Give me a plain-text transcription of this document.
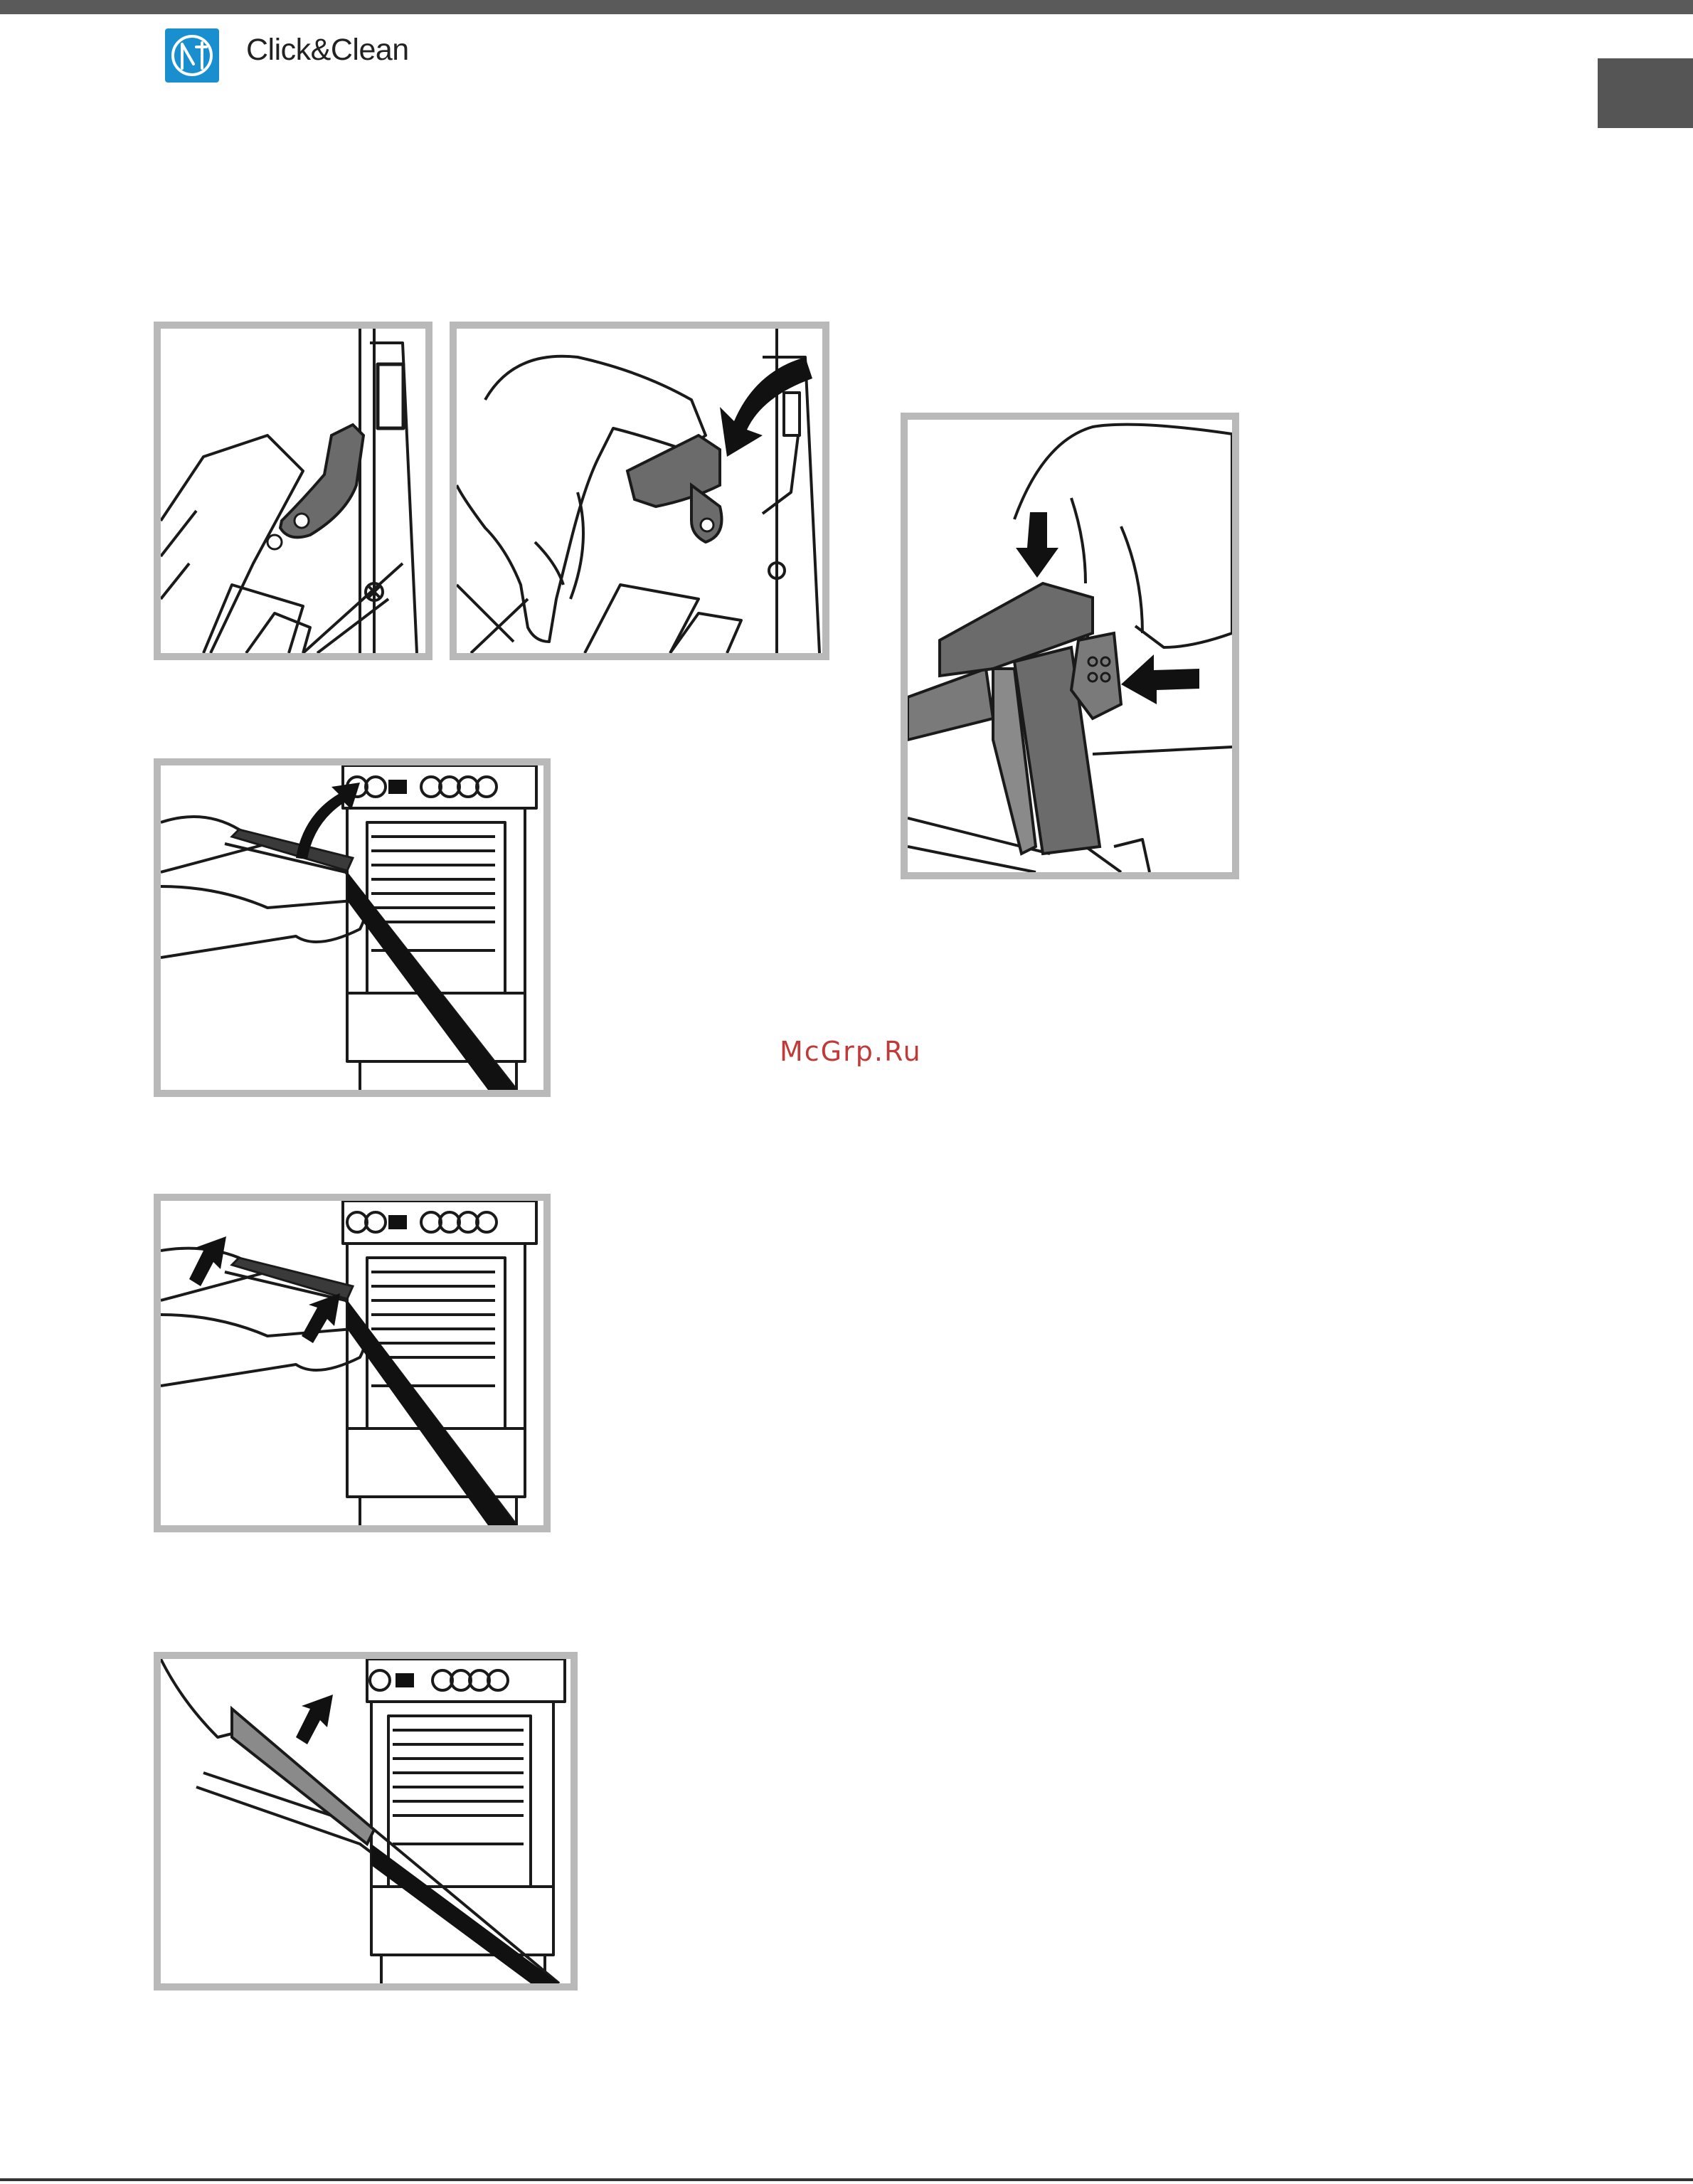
Click&Clean
McGrp.Ru
